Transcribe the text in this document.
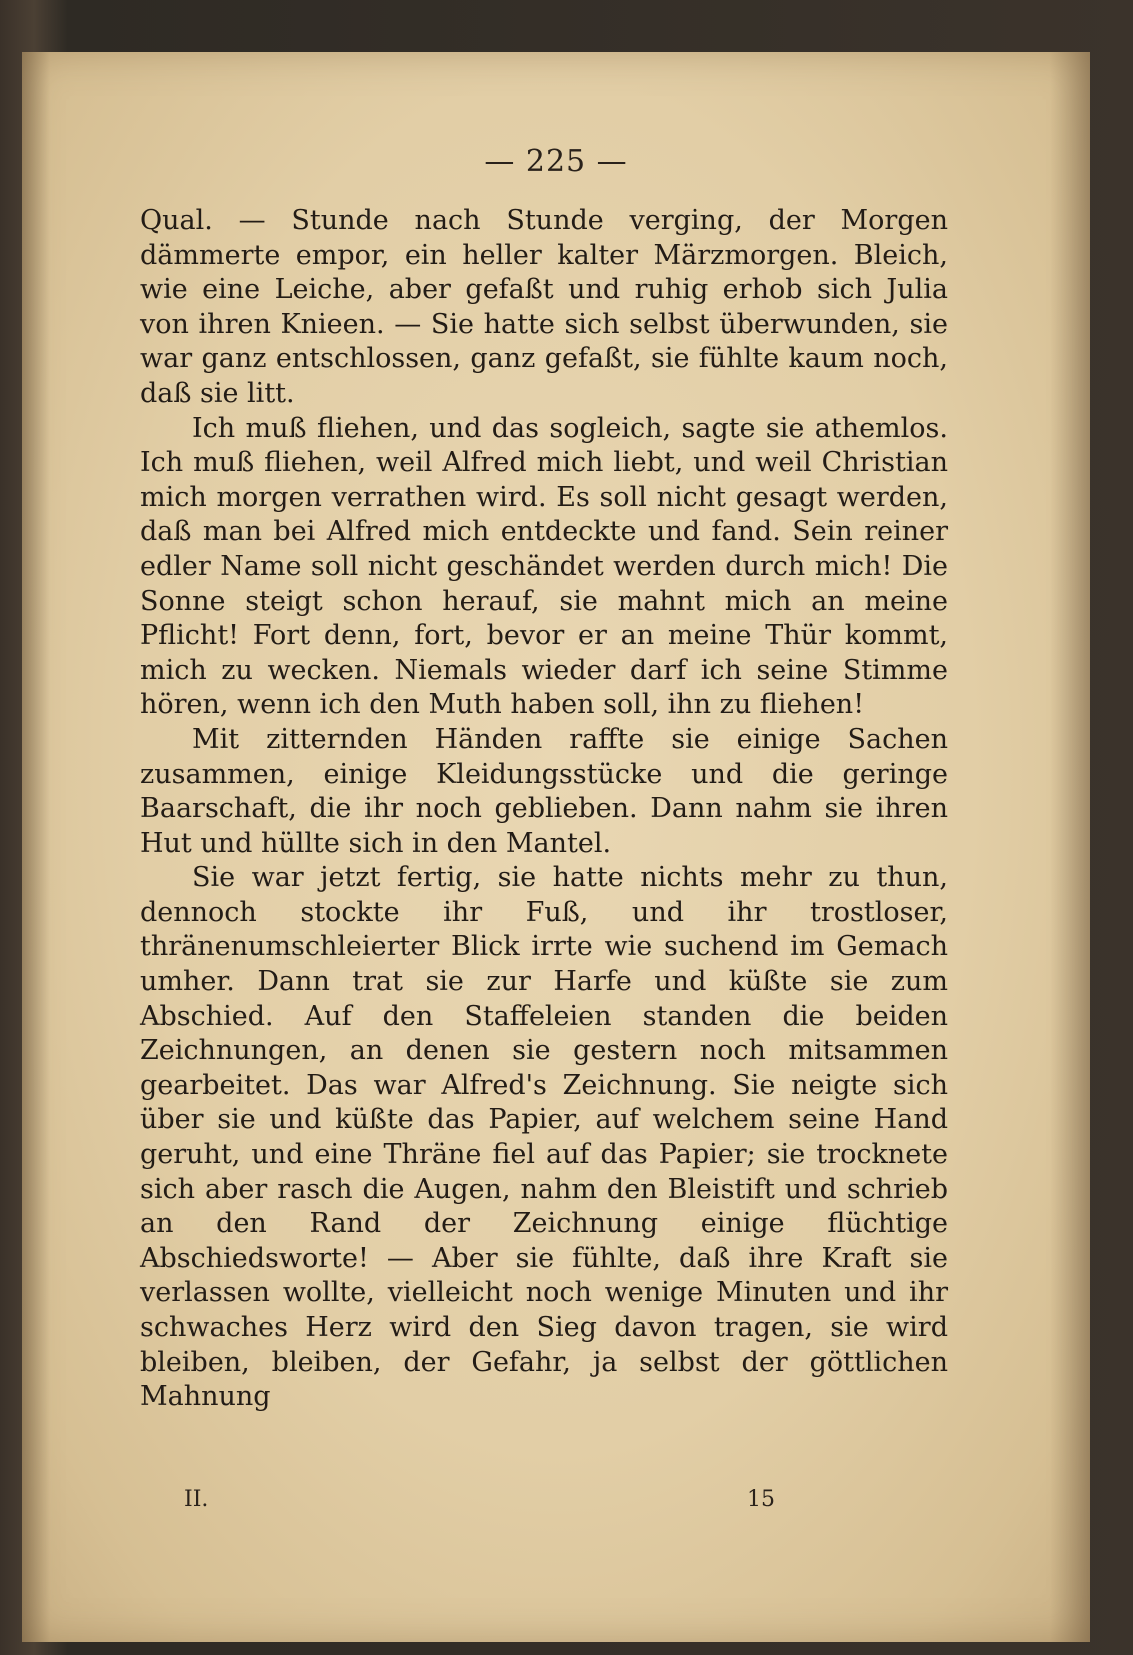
— 225 —

Qual. — Stunde nach Stunde verging, der Morgen dämmerte empor, ein heller kalter Märzmorgen. Bleich, wie eine Leiche, aber gefaßt und ruhig erhob sich Julia von ihren Knieen. — Sie hatte sich selbst überwunden, sie war ganz entschlossen, ganz gefaßt, sie fühlte kaum noch, daß sie litt.

Ich muß fliehen, und das sogleich, sagte sie athemlos. Ich muß fliehen, weil Alfred mich liebt, und weil Christian mich morgen verrathen wird. Es soll nicht gesagt werden, daß man bei Alfred mich entdeckte und fand. Sein reiner edler Name soll nicht geschändet werden durch mich! Die Sonne steigt schon herauf, sie mahnt mich an meine Pflicht! Fort denn, fort, bevor er an meine Thür kommt, mich zu wecken. Niemals wieder darf ich seine Stimme hören, wenn ich den Muth haben soll, ihn zu fliehen!

Mit zitternden Händen raffte sie einige Sachen zusammen, einige Kleidungsstücke und die geringe Baarschaft, die ihr noch geblieben. Dann nahm sie ihren Hut und hüllte sich in den Mantel.

Sie war jetzt fertig, sie hatte nichts mehr zu thun, dennoch stockte ihr Fuß, und ihr trostloser, thränenumschleierter Blick irrte wie suchend im Gemach umher. Dann trat sie zur Harfe und küßte sie zum Abschied. Auf den Staffeleien standen die beiden Zeichnungen, an denen sie gestern noch mitsammen gearbeitet. Das war Alfred's Zeichnung. Sie neigte sich über sie und küßte das Papier, auf welchem seine Hand geruht, und eine Thräne fiel auf das Papier; sie trocknete sich aber rasch die Augen, nahm den Bleistift und schrieb an den Rand der Zeichnung einige flüchtige Abschiedsworte! — Aber sie fühlte, daß ihre Kraft sie verlassen wollte, vielleicht noch wenige Minuten und ihr schwaches Herz wird den Sieg davon tragen, sie wird bleiben, bleiben, der Gefahr, ja selbst der göttlichen Mahnung

II.	15
